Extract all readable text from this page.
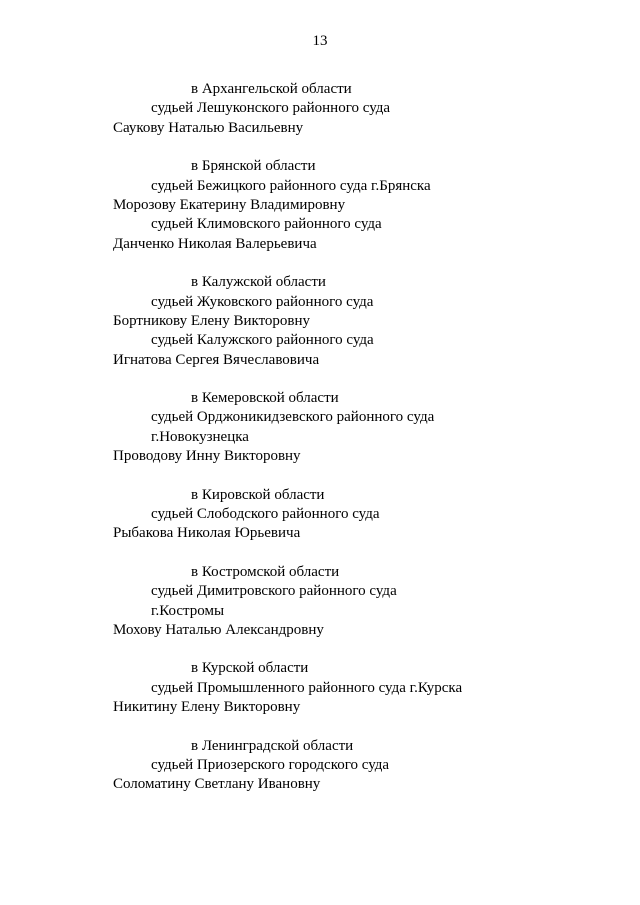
13
в Архангельской области
судьей Лешуконского районного суда
Саукову Наталью Васильевну
в Брянской области
судьей Бежицкого районного суда г.Брянска
Морозову Екатерину Владимировну
судьей Климовского районного суда
Данченко Николая Валерьевича
в Калужской области
судьей Жуковского районного суда
Бортникову Елену Викторовну
судьей Калужского районного суда
Игнатова Сергея Вячеславовича
в Кемеровской области
судьей Орджоникидзевского районного суда
г.Новокузнецка
Проводову Инну Викторовну
в Кировской области
судьей Слободского районного суда
Рыбакова Николая Юрьевича
в Костромской области
судьей Димитровского районного суда
г.Костромы
Мохову Наталью Александровну
в Курской области
судьей Промышленного районного суда г.Курска
Никитину Елену Викторовну
в Ленинградской области
судьей Приозерского городского суда
Соломатину Светлану Ивановну
